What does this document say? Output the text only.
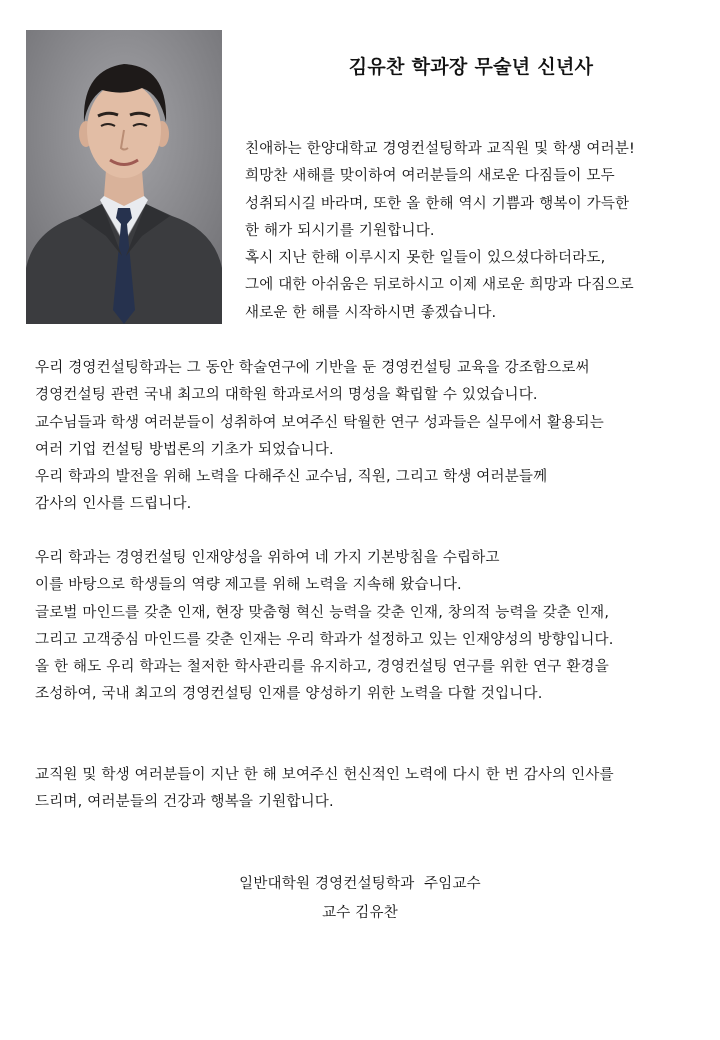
김유찬 학과장 무술년 신년사
친애하는 한양대학교 경영컨설팅학과 교직원 및 학생 여러분!
희망찬 새해를 맞이하여 여러분들의 새로운 다짐들이 모두
성취되시길 바라며, 또한 올 한해 역시 기쁨과 행복이 가득한
한 해가 되시기를 기원합니다.
혹시 지난 한해 이루시지 못한 일들이 있으셨다하더라도,
그에 대한 아쉬움은 뒤로하시고 이제 새로운 희망과 다짐으로
새로운 한 해를 시작하시면 좋겠습니다.
우리 경영컨설팅학과는 그 동안 학술연구에 기반을 둔 경영컨설팅 교육을 강조함으로써
경영컨설팅 관련 국내 최고의 대학원 학과로서의 명성을 확립할 수 있었습니다.
교수님들과 학생 여러분들이 성취하여 보여주신 탁월한 연구 성과들은 실무에서 활용되는
여러 기업 컨설팅 방법론의 기초가 되었습니다.
우리 학과의 발전을 위해 노력을 다해주신 교수님, 직원, 그리고 학생 여러분들께
감사의 인사를 드립니다.
우리 학과는 경영컨설팅 인재양성을 위하여 네 가지 기본방침을 수립하고
이를 바탕으로 학생들의 역량 제고를 위해 노력을 지속해 왔습니다.
글로벌 마인드를 갖춘 인재, 현장 맞춤형 혁신 능력을 갖춘 인재, 창의적 능력을 갖춘 인재,
그리고 고객중심 마인드를 갖춘 인재는 우리 학과가 설정하고 있는 인재양성의 방향입니다.
올 한 해도 우리 학과는 철저한 학사관리를 유지하고, 경영컨설팅 연구를 위한 연구 환경을
조성하여, 국내 최고의 경영컨설팅 인재를 양성하기 위한 노력을 다할 것입니다.
교직원 및 학생 여러분들이 지난 한 해 보여주신 헌신적인 노력에 다시 한 번 감사의 인사를
드리며, 여러분들의 건강과 행복을 기원합니다.
일반대학원 경영컨설팅학과  주임교수
교수 김유찬
